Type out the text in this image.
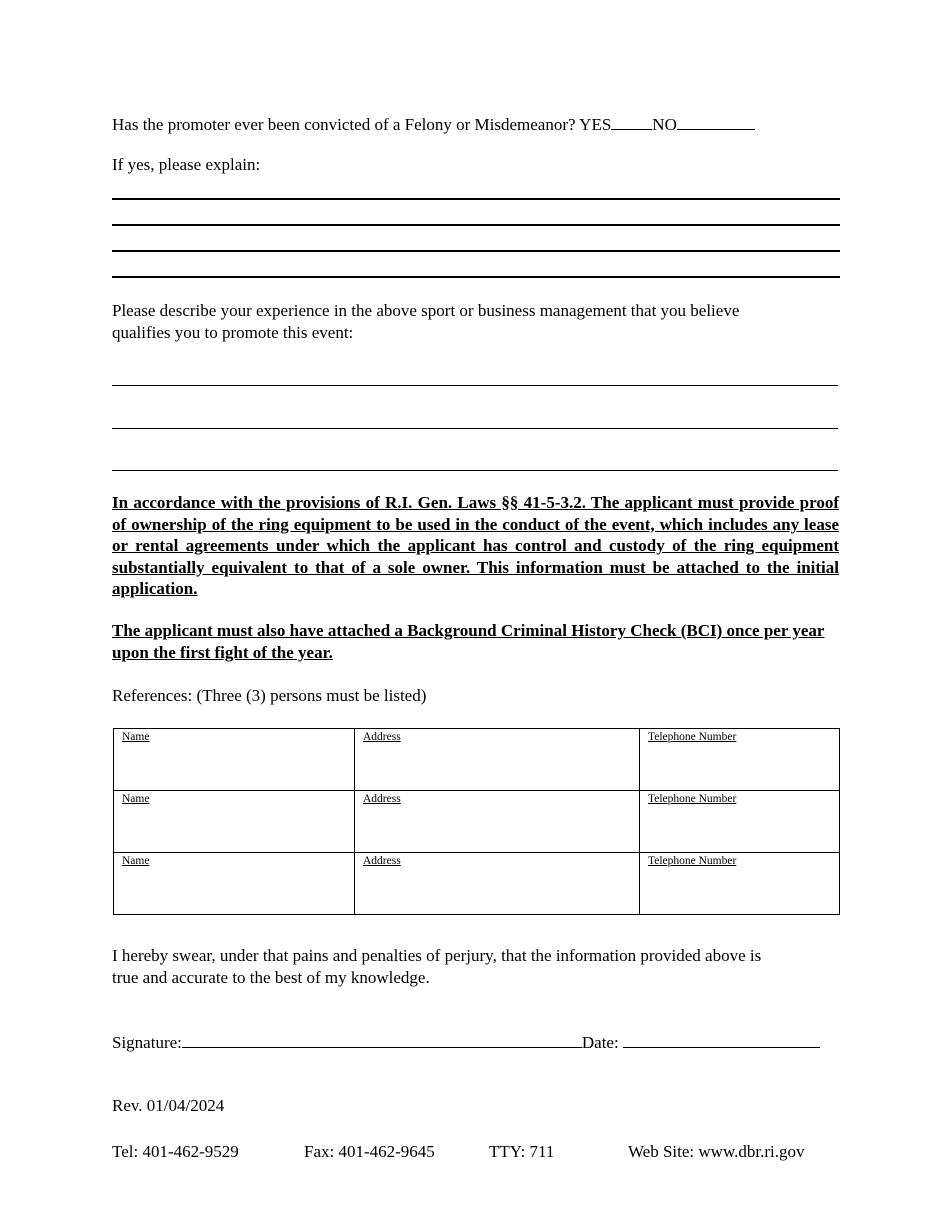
Has the promoter ever been convicted of a Felony or Misdemeanor? YES NO
If yes, please explain:
Please describe your experience in the above sport or business management that you believe
qualifies you to promote this event:
In accordance with the provisions of R.I. Gen. Laws §§ 41-5-3.2. The applicant must provide proof of ownership of the ring equipment to be used in the conduct of the event, which includes any lease or rental agreements under which the applicant has control and custody of the ring equipment substantially equivalent to that of a sole owner. This information must be attached to the initial application.
The applicant must also have attached a Background Criminal History Check (BCI) once per year upon the first fight of the year.
References: (Three (3) persons must be listed)
Name	Address	Telephone Number
Name	Address	Telephone Number
Name	Address	Telephone Number
I hereby swear, under that pains and penalties of perjury, that the information provided above is
true and accurate to the best of my knowledge.
Signature:	Date:
Rev. 01/04/2024
Tel: 401-462-9529	Fax: 401-462-9645	TTY: 711	Web Site: www.dbr.ri.gov
